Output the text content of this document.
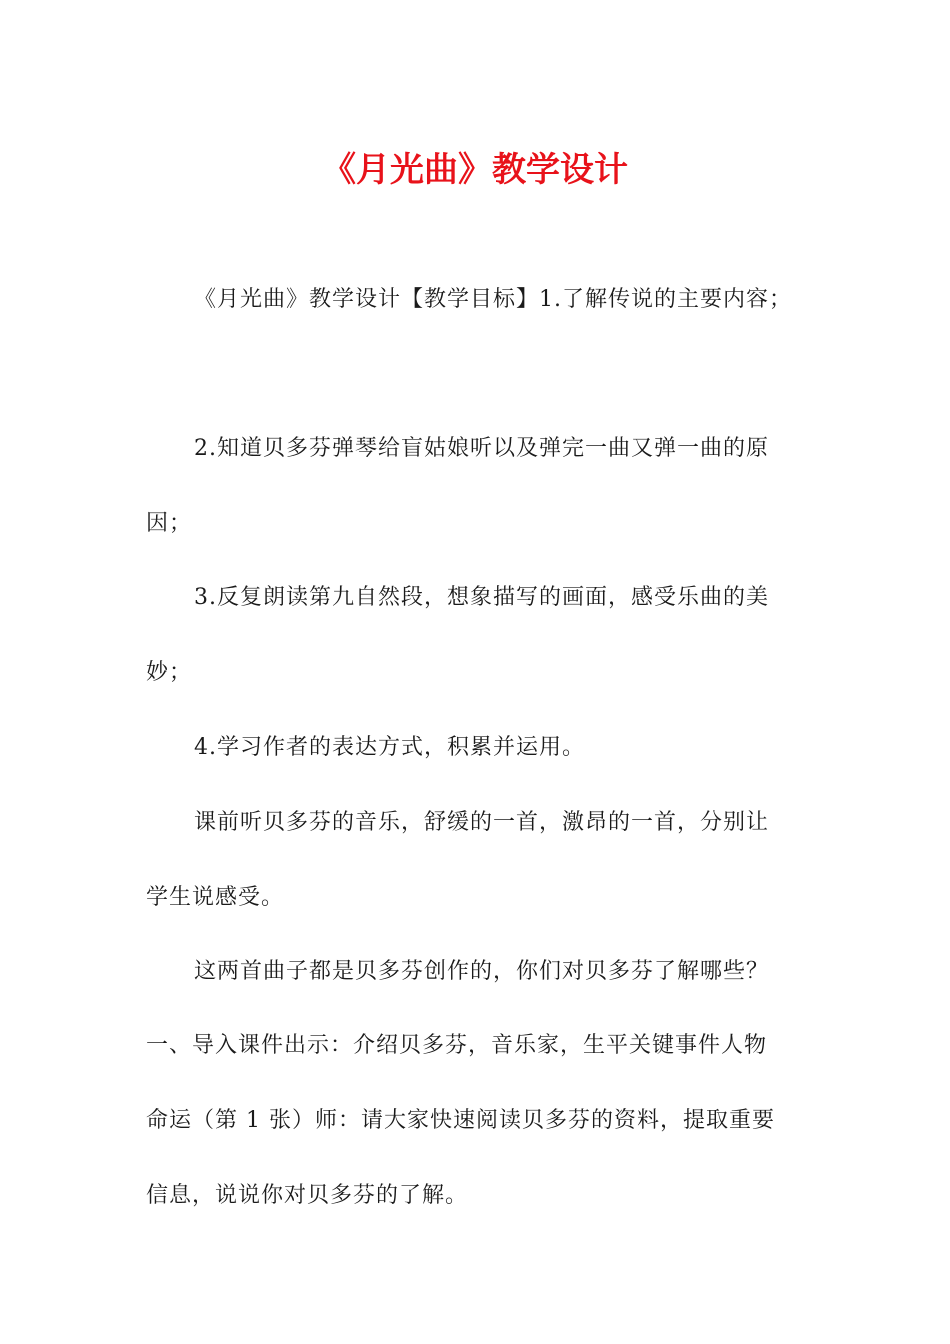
《月光曲》教学设计

《月光曲》教学设计【教学目标】1.了解传说的主要内容；

2.知道贝多芬弹琴给盲姑娘听以及弹完一曲又弹一曲的原
因；

3.反复朗读第九自然段，想象描写的画面，感受乐曲的美
妙；

4.学习作者的表达方式，积累并运用。

课前听贝多芬的音乐，舒缓的一首，激昂的一首，分别让
学生说感受。

这两首曲子都是贝多芬创作的，你们对贝多芬了解哪些？

一、导入课件出示：介绍贝多芬，音乐家，生平关键事件人物
命运（第 1 张）师：请大家快速阅读贝多芬的资料，提取重要
信息，说说你对贝多芬的了解。
